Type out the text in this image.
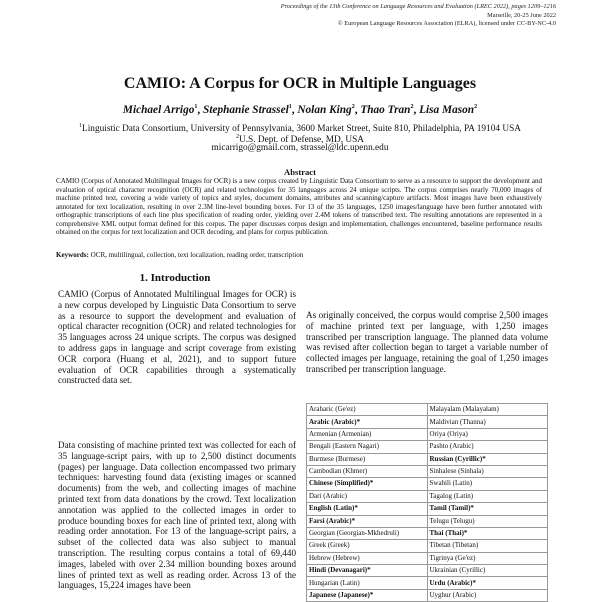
Proceedings of the 13th Conference on Language Resources and Evaluation (LREC 2022), pages 1209–1216
Marseille, 20-25 June 2022
© European Language Resources Association (ELRA), licensed under CC-BY-NC-4.0
CAMIO: A Corpus for OCR in Multiple Languages
Michael Arrigo$^1$, Stephanie Strassel$^1$, Nolan King$^2$, Thao Tran$^2$, Lisa Mason$^2$
$^1$Linguistic Data Consortium, University of Pennsylvania, 3600 Market Street, Suite 810, Philadelphia, PA 19104 USA
$^2$U.S. Dept. of Defense, MD, USA
micarrigo@gmail.com, strassel@ldc.upenn.edu
Abstract
CAMIO (Corpus of Annotated Multilingual Images for OCR) is a new corpus created by Linguistic Data Consortium to serve as a resource to support the development and evaluation of optical character recognition (OCR) and related technologies for 35 languages across 24 unique scripts. The corpus comprises nearly 70,000 images of machine printed text, covering a wide variety of topics and styles, document domains, attributes and scanning/capture artifacts. Most images have been exhaustively annotated for text localization, resulting in over 2.3M line-level bounding boxes. For 13 of the 35 languages, 1250 images/language have been further annotated with orthographic transcriptions of each line plus specification of reading order, yielding over 2.4M tokens of transcribed text. The resulting annotations are represented in a comprehensive XML output format defined for this corpus. The paper discusses corpus design and implementation, challenges encountered, baseline performance results obtained on the corpus for text localization and OCR decoding, and plans for corpus publication.
Keywords: OCR, multilingual, collection, text localization, reading order, transcription
1. Introduction
CAMIO (Corpus of Annotated Multilingual Images for OCR) is a new corpus developed by Linguistic Data Consortium to serve as a resource to support the development and evaluation of optical character recognition (OCR) and related technologies for 35 languages across 24 unique scripts. The corpus was designed to address gaps in language and script coverage from existing OCR corpora (Huang et al, 2021), and to support future evaluation of OCR capabilities through a systematically constructed data set.
Data consisting of machine printed text was collected for each of 35 language-script pairs, with up to 2,500 distinct documents (pages) per language. Data collection encompassed two primary techniques: harvesting found data (existing images or scanned documents) from the web, and collecting images of machine printed text from data donations by the crowd. Text localization annotation was applied to the collected images in order to produce bounding boxes for each line of printed text, along with reading order annotation. For 13 of the language-script pairs, a subset of the collected data was also subject to manual transcription. The resulting corpus contains a total of 69,440 images, labeled with over 2.34 million bounding boxes around lines of printed text as well as reading order. Across 13 of the languages, 15,224 images have been
As originally conceived, the corpus would comprise 2,500 images of machine printed text per language, with 1,250 images transcribed per transcription language. The planned data volume was revised after collection began to target a variable number of collected images per language, retaining the goal of 1,250 images transcribed per transcription language.
Araharic (Ge'ez)	Malayalam (Malayalam)
Arabic (Arabic)*	Maldivian (Thanna)
Armenian (Armenian)	Oriya (Oriya)
Bengali (Eastern Nagari)	Pashto (Arabic)
Burmese (Burmese)	Russian (Cyrillic)*
Cambodian (Khmer)	Sinhalese (Sinhala)
Chinese (Simplified)*	Swahili (Latin)
Dari (Arabic)	Tagalog (Latin)
English (Latin)*	Tamil (Tamil)*
Farsi (Arabic)*	Telugu (Telugu)
Georgian (Georgian-Mkhedruli)	Thai (Thai)*
Greek (Greek)	Tibetan (Tibetan)
Hebrew (Hebrew)	Tigrinya (Ge'ez)
Hindi (Devanagari)*	Ukrainian (Cyrillic)
Hungarian (Latin)	Urdu (Arabic)*
Japanese (Japanese)*	Uyghur (Arabic)
